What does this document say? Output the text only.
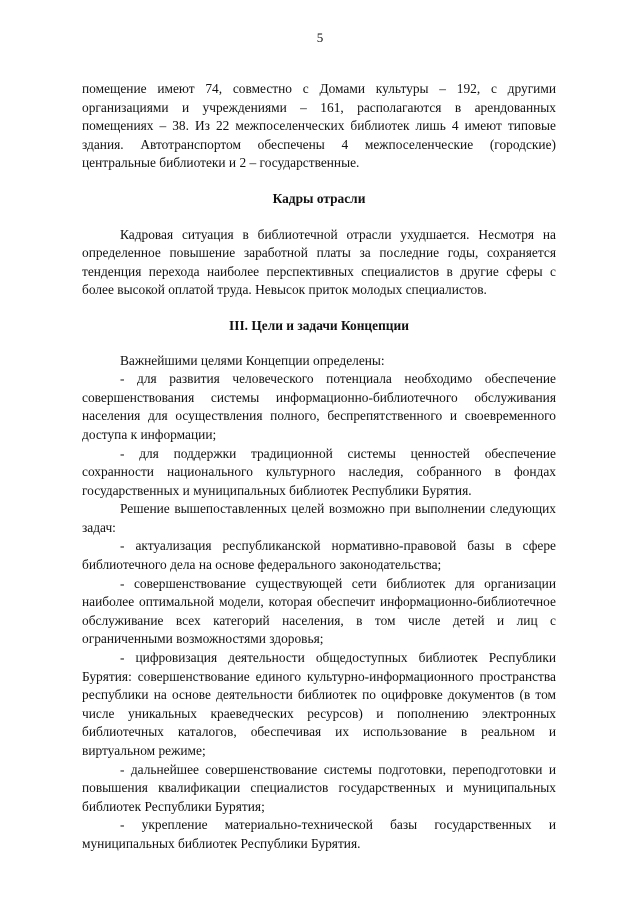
5

помещение имеют 74, совместно с Домами культуры – 192, с другими организациями и учреждениями – 161, располагаются в арендованных помещениях – 38. Из 22 межпоселенческих библиотек лишь 4 имеют типовые здания. Автотранспортом обеспечены 4 межпоселенческие (городские) центральные библиотеки и 2 – государственные.

Кадры отрасли

Кадровая ситуация в библиотечной отрасли ухудшается. Несмотря на определенное повышение заработной платы за последние годы, сохраняется тенденция перехода наиболее перспективных специалистов в другие сферы с более высокой оплатой труда. Невысок приток молодых специалистов.

III. Цели и задачи Концепции

Важнейшими целями Концепции определены:

- для развития человеческого потенциала необходимо обеспечение совершенствования системы информационно-библиотечного обслуживания населения для осуществления полного, беспрепятственного и своевременного доступа к информации;

- для поддержки традиционной системы ценностей обеспечение сохранности национального культурного наследия, собранного в фондах государственных и муниципальных библиотек Республики Бурятия.

Решение вышепоставленных целей возможно при выполнении следующих задач:

- актуализация республиканской нормативно-правовой базы в сфере библиотечного дела на основе федерального законодательства;

- совершенствование существующей сети библиотек для организации наиболее оптимальной модели, которая обеспечит информационно-библиотечное обслуживание всех категорий населения, в том числе детей и лиц с ограниченными возможностями здоровья;

- цифровизация деятельности общедоступных библиотек Республики Бурятия: совершенствование единого культурно-информационного пространства республики на основе деятельности библиотек по оцифровке документов (в том числе уникальных краеведческих ресурсов) и пополнению электронных библиотечных каталогов, обеспечивая их использование в реальном и виртуальном режиме;

- дальнейшее совершенствование системы подготовки, переподготовки и повышения квалификации специалистов государственных и муниципальных библиотек Республики Бурятия;

- укрепление материально-технической базы государственных и муниципальных библиотек Республики Бурятия.
